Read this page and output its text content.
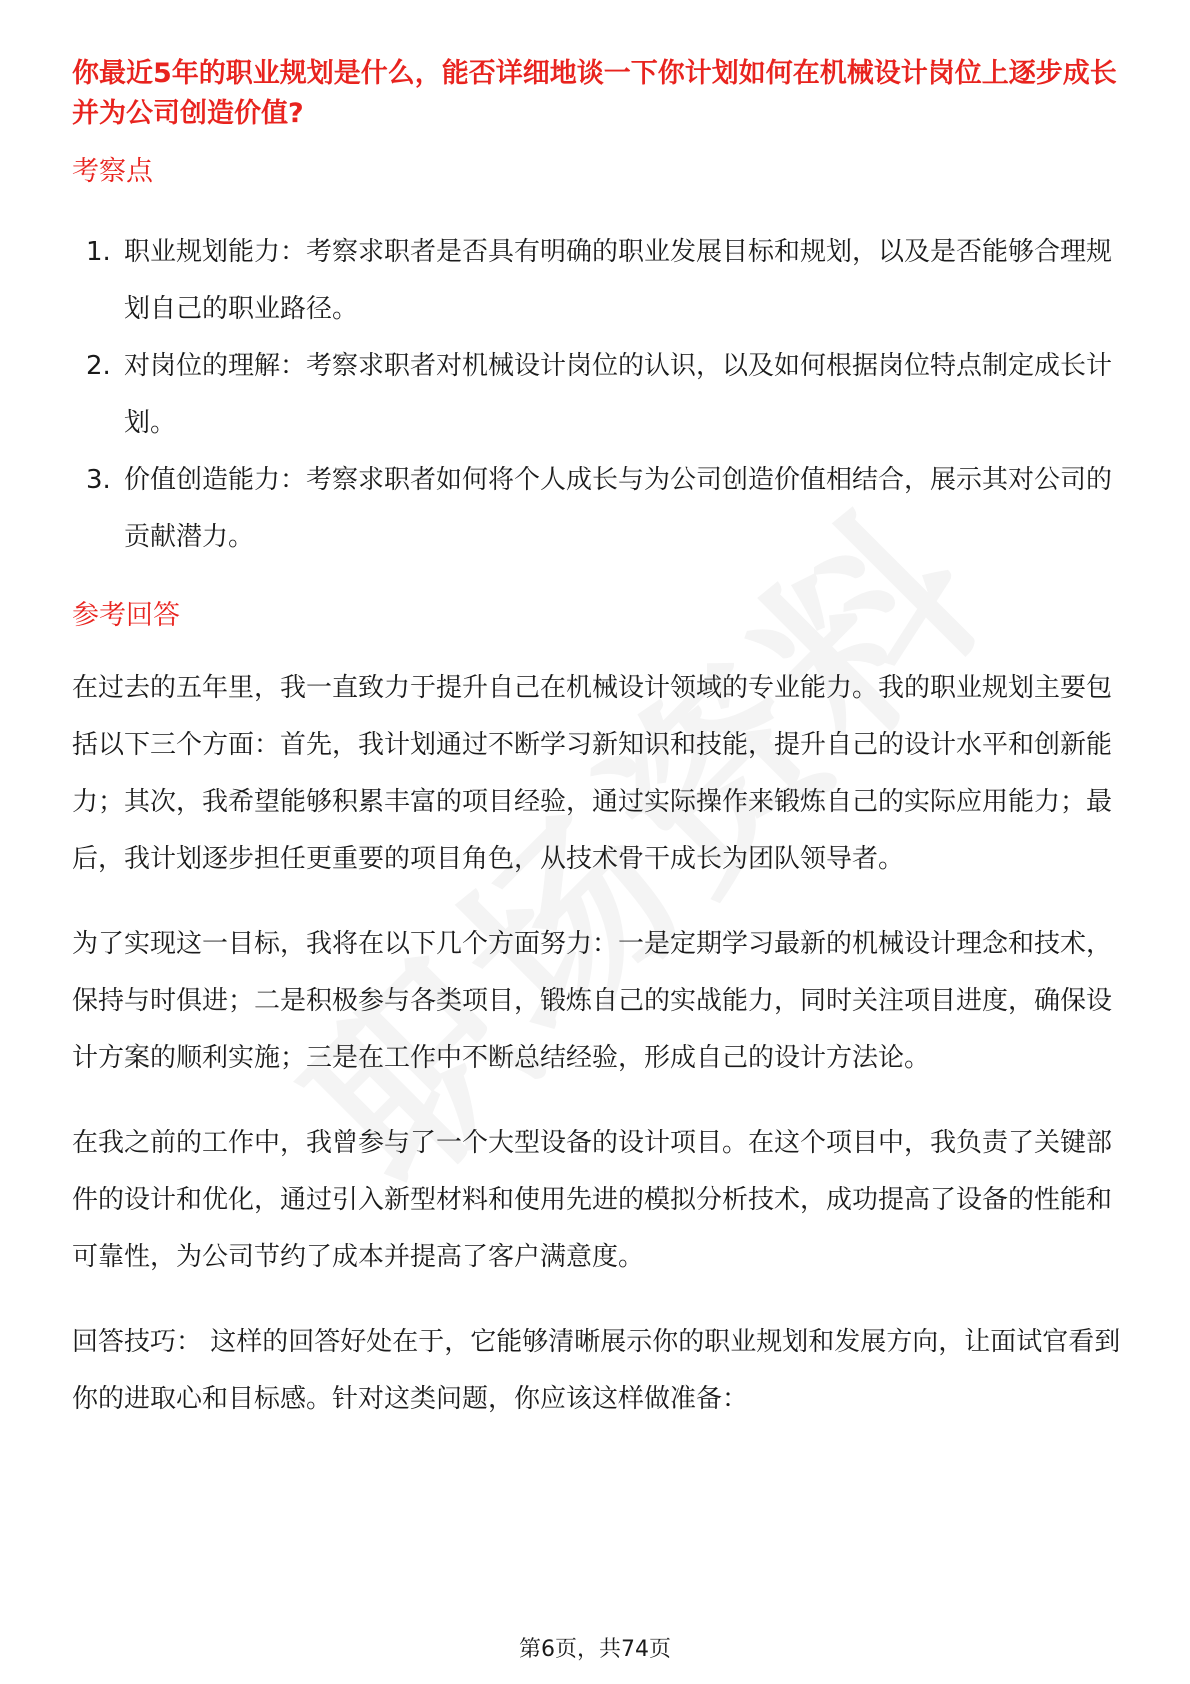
你最近5年的职业规划是什么，能否详细地谈一下你计划如何在机械设计岗位上逐步成长并为公司创造价值?

考察点

1. 职业规划能力：考察求职者是否具有明确的职业发展目标和规划，以及是否能够合理规划自己的职业路径。
2. 对岗位的理解：考察求职者对机械设计岗位的认识，以及如何根据岗位特点制定成长计划。
3. 价值创造能力：考察求职者如何将个人成长与为公司创造价值相结合，展示其对公司的贡献潜力。

参考回答

在过去的五年里，我一直致力于提升自己在机械设计领域的专业能力。我的职业规划主要包括以下三个方面：首先，我计划通过不断学习新知识和技能，提升自己的设计水平和创新能力；其次，我希望能够积累丰富的项目经验，通过实际操作来锻炼自己的实际应用能力；最后，我计划逐步担任更重要的项目角色，从技术骨干成长为团队领导者。

为了实现这一目标，我将在以下几个方面努力：一是定期学习最新的机械设计理念和技术，保持与时俱进；二是积极参与各类项目，锻炼自己的实战能力，同时关注项目进度，确保设计方案的顺利实施；三是在工作中不断总结经验，形成自己的设计方法论。

在我之前的工作中，我曾参与了一个大型设备的设计项目。在这个项目中，我负责了关键部件的设计和优化，通过引入新型材料和使用先进的模拟分析技术，成功提高了设备的性能和可靠性，为公司节约了成本并提高了客户满意度。

回答技巧： 这样的回答好处在于，它能够清晰展示你的职业规划和发展方向，让面试官看到你的进取心和目标感。针对这类问题，你应该这样做准备：

第6页，共74页
